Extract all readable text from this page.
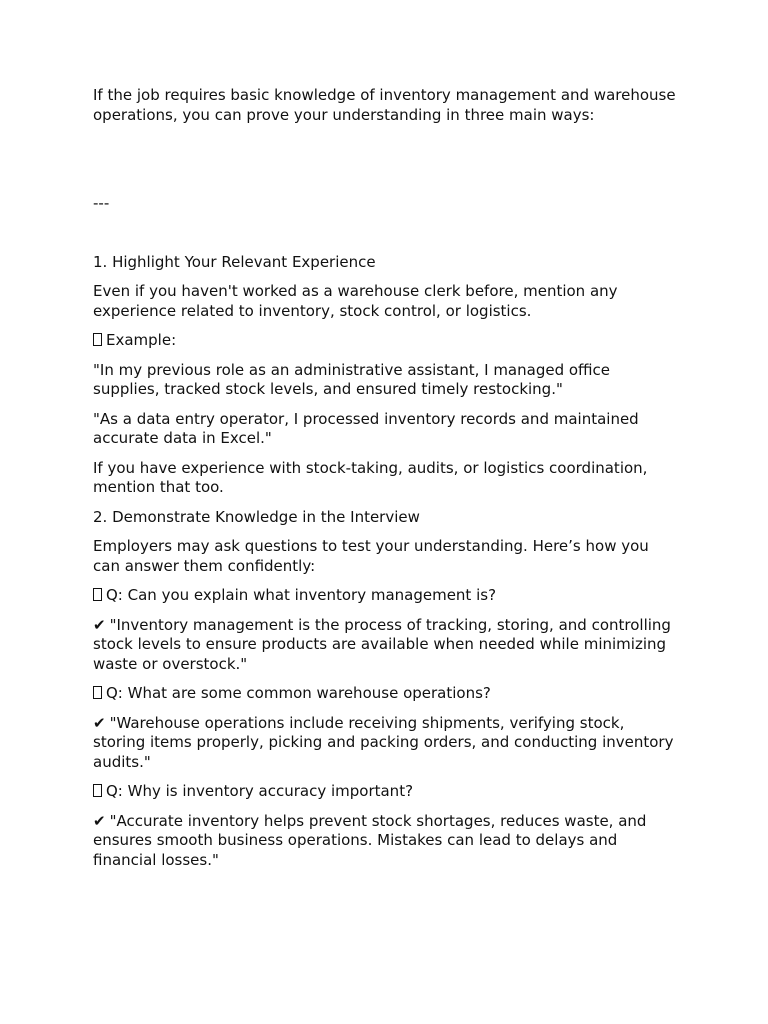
If the job requires basic knowledge of inventory management and warehouse operations, you can prove your understanding in three main ways:

---

1. Highlight Your Relevant Experience

Even if you haven't worked as a warehouse clerk before, mention any experience related to inventory, stock control, or logistics.

Example:

"In my previous role as an administrative assistant, I managed office supplies, tracked stock levels, and ensured timely restocking."

"As a data entry operator, I processed inventory records and maintained accurate data in Excel."

If you have experience with stock-taking, audits, or logistics coordination, mention that too.

2. Demonstrate Knowledge in the Interview

Employers may ask questions to test your understanding. Here’s how you can answer them confidently:

Q: Can you explain what inventory management is?

✔ "Inventory management is the process of tracking, storing, and controlling stock levels to ensure products are available when needed while minimizing waste or overstock."

Q: What are some common warehouse operations?

✔ "Warehouse operations include receiving shipments, verifying stock, storing items properly, picking and packing orders, and conducting inventory audits."

Q: Why is inventory accuracy important?

✔ "Accurate inventory helps prevent stock shortages, reduces waste, and ensures smooth business operations. Mistakes can lead to delays and financial losses."
